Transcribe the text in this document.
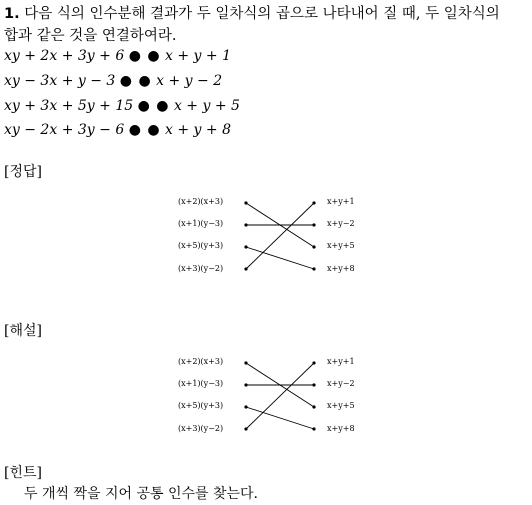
1. 다음 식의 인수분해 결과가 두 일차식의 곱으로 나타내어 질 때, 두 일차식의
합과 같은 것을 연결하여라.
xy + 2x + 3y + 6 ● ● x + y + 1
xy − 3x + y − 3 ● ● x + y − 2
xy + 3x + 5y + 15 ● ● x + y + 5
xy − 2x + 3y − 6 ● ● x + y + 8
[정답]
(x+2)(x+3)
(x+1)(y−3)
(x+5)(y+3)
(x+3)(y−2)
x+y+1
x+y−2
x+y+5
x+y+8
[해설]
(x+2)(x+3)
(x+1)(y−3)
(x+5)(y+3)
(x+3)(y−2)
x+y+1
x+y−2
x+y+5
x+y+8
[힌트]
두 개씩 짝을 지어 공통 인수를 찾는다.
